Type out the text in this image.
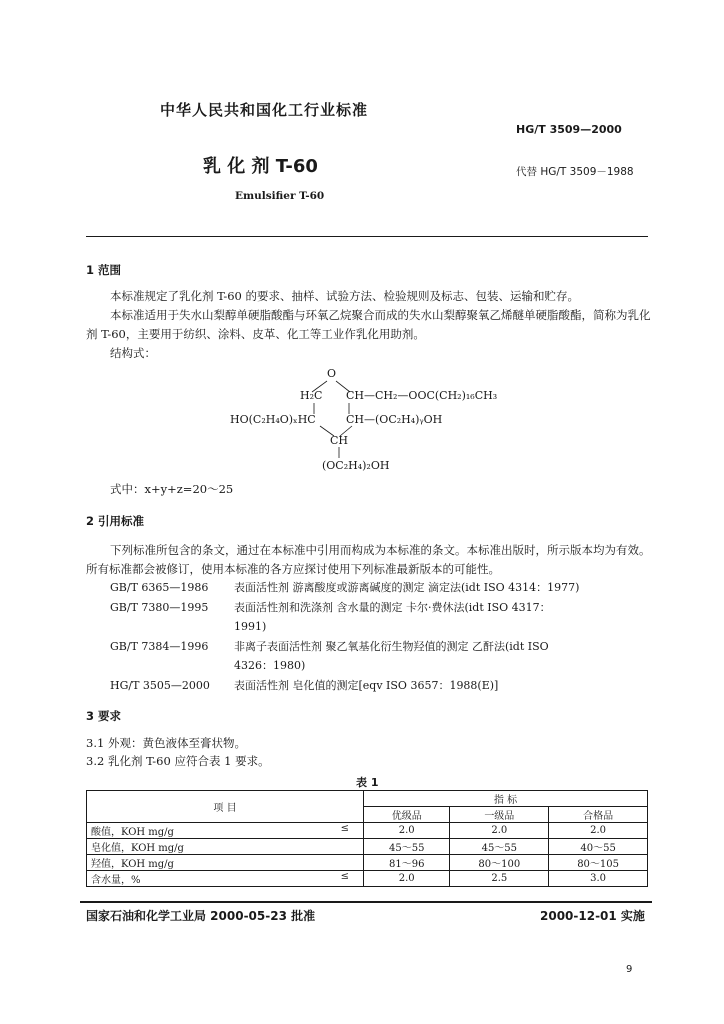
中华人民共和国化工行业标准
HG/T 3509—2000
乳 化 剂 T-60	代替 HG/T 3509－1988
Emulsifier T-60
1 范围
本标准规定了乳化剂 T-60 的要求、抽样、试验方法、检验规则及标志、包装、运输和贮存。
本标准适用于失水山梨醇单硬脂酸酯与环氧乙烷聚合而成的失水山梨醇聚氧乙烯醚单硬脂酸酯，简称为乳化剂 T-60，主要用于纺织、涂料、皮革、化工等工业作乳化用助剂。
结构式：
O
H₂C CH—CH₂—OOC(CH₂)₁₆CH₃
HO(C₂H₄O)ₓHC	CH—(OC₂H₄)ᵧOH
CH
(OC₂H₄)₂OH
式中：x+y+z=20～25
2 引用标准
下列标准所包含的条文，通过在本标准中引用而构成为本标准的条文。本标准出版时，所示版本均为有效。所有标准都会被修订，使用本标准的各方应探讨使用下列标准最新版本的可能性。
GB/T 6365—1986 表面活性剂 游离酸度或游离碱度的测定 滴定法(idt ISO 4314：1977)
GB/T 7380—1995 表面活性剂和洗涤剂 含水量的测定 卡尔·费休法(idt ISO 4317：
1991)
GB/T 7384—1996 非离子表面活性剂 聚乙氧基化衍生物羟值的测定 乙酐法(idt ISO
4326：1980)
HG/T 3505—2000 表面活性剂 皂化值的测定[eqv ISO 3657：1988(E)]
3 要求
3.1 外观：黄色液体至膏状物。
3.2 乳化剂 T-60 应符合表 1 要求。
表 1
项 目	指 标		
	优级品	一级品	合格品
酸值，KOH mg/g ≤	2.0	2.0	2.0
皂化值，KOH mg/g	45～55	45～55	40～55
羟值，KOH mg/g	81～96	80～100	80～105
含水量，% ≤	2.0	2.5	3.0
国家石油和化学工业局 2000-05-23 批准	2000-12-01 实施
9
